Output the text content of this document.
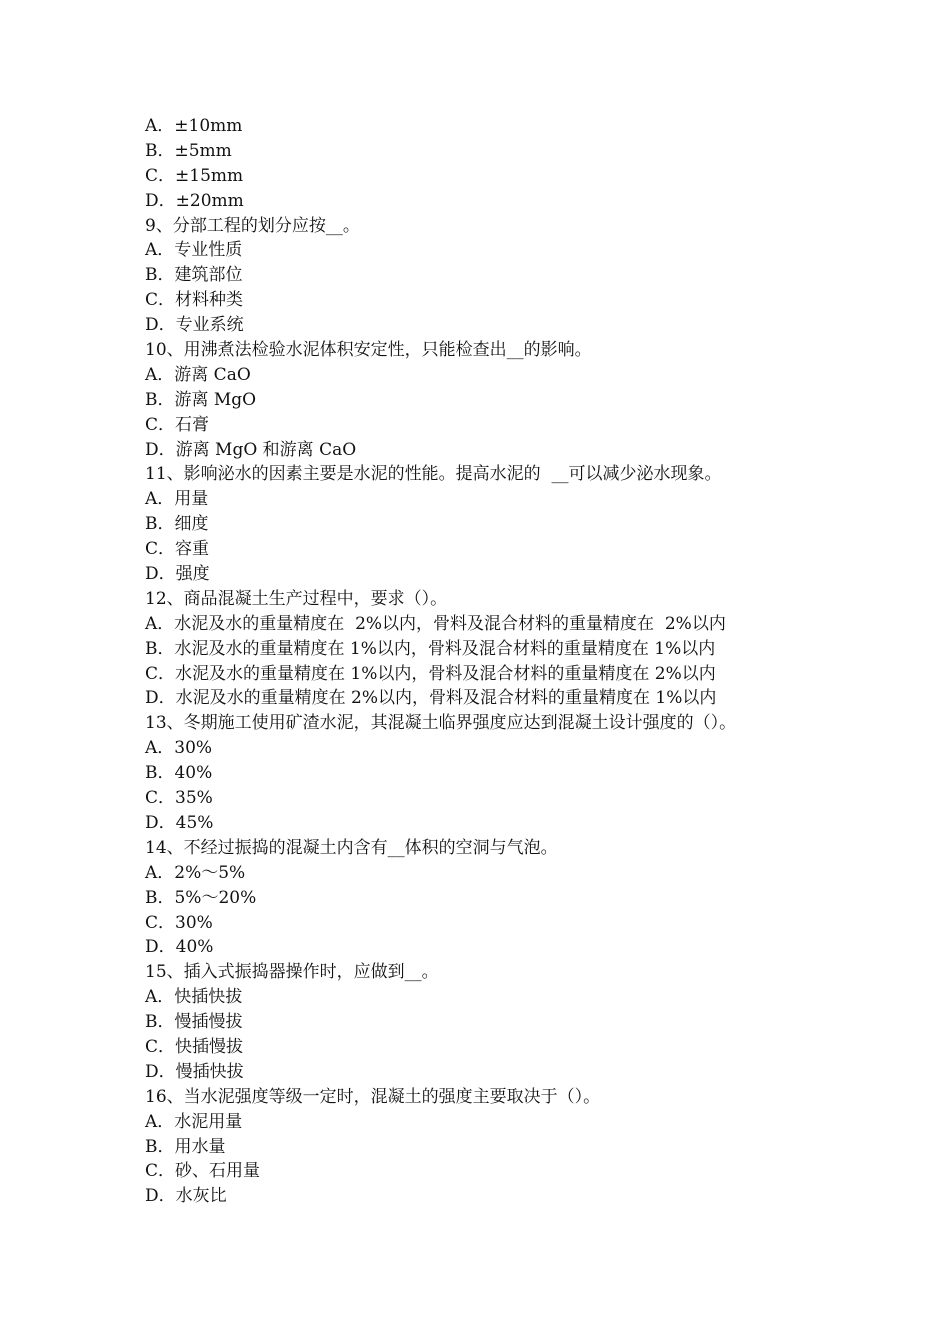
A．±10mm
B．±5mm
C．±15mm
D．±20mm
9、分部工程的划分应按__。
A．专业性质
B．建筑部位
C．材料种类
D．专业系统
10、用沸煮法检验水泥体积安定性，只能检查出__的影响。
A．游离 CaO
B．游离 MgO
C．石膏
D．游离 MgO 和游离 CaO
11、影响泌水的因素主要是水泥的性能。提高水泥的  __可以减少泌水现象。
A．用量
B．细度
C．容重
D．强度
12、商品混凝土生产过程中，要求（）。
A．水泥及水的重量精度在  2%以内，骨料及混合材料的重量精度在  2%以内
B．水泥及水的重量精度在 1%以内，骨料及混合材料的重量精度在 1%以内
C．水泥及水的重量精度在 1%以内，骨料及混合材料的重量精度在 2%以内
D．水泥及水的重量精度在 2%以内，骨料及混合材料的重量精度在 1%以内
13、冬期施工使用矿渣水泥，其混凝土临界强度应达到混凝土设计强度的（）。
A．30%
B．40%
C．35%
D．45%
14、不经过振捣的混凝土内含有__体积的空洞与气泡。
A．2%～5%
B．5%～20%
C．30%
D．40%
15、插入式振捣器操作时，应做到__。
A．快插快拔
B．慢插慢拔
C．快插慢拔
D．慢插快拔
16、当水泥强度等级一定时，混凝土的强度主要取决于（）。
A．水泥用量
B．用水量
C．砂、石用量
D．水灰比
